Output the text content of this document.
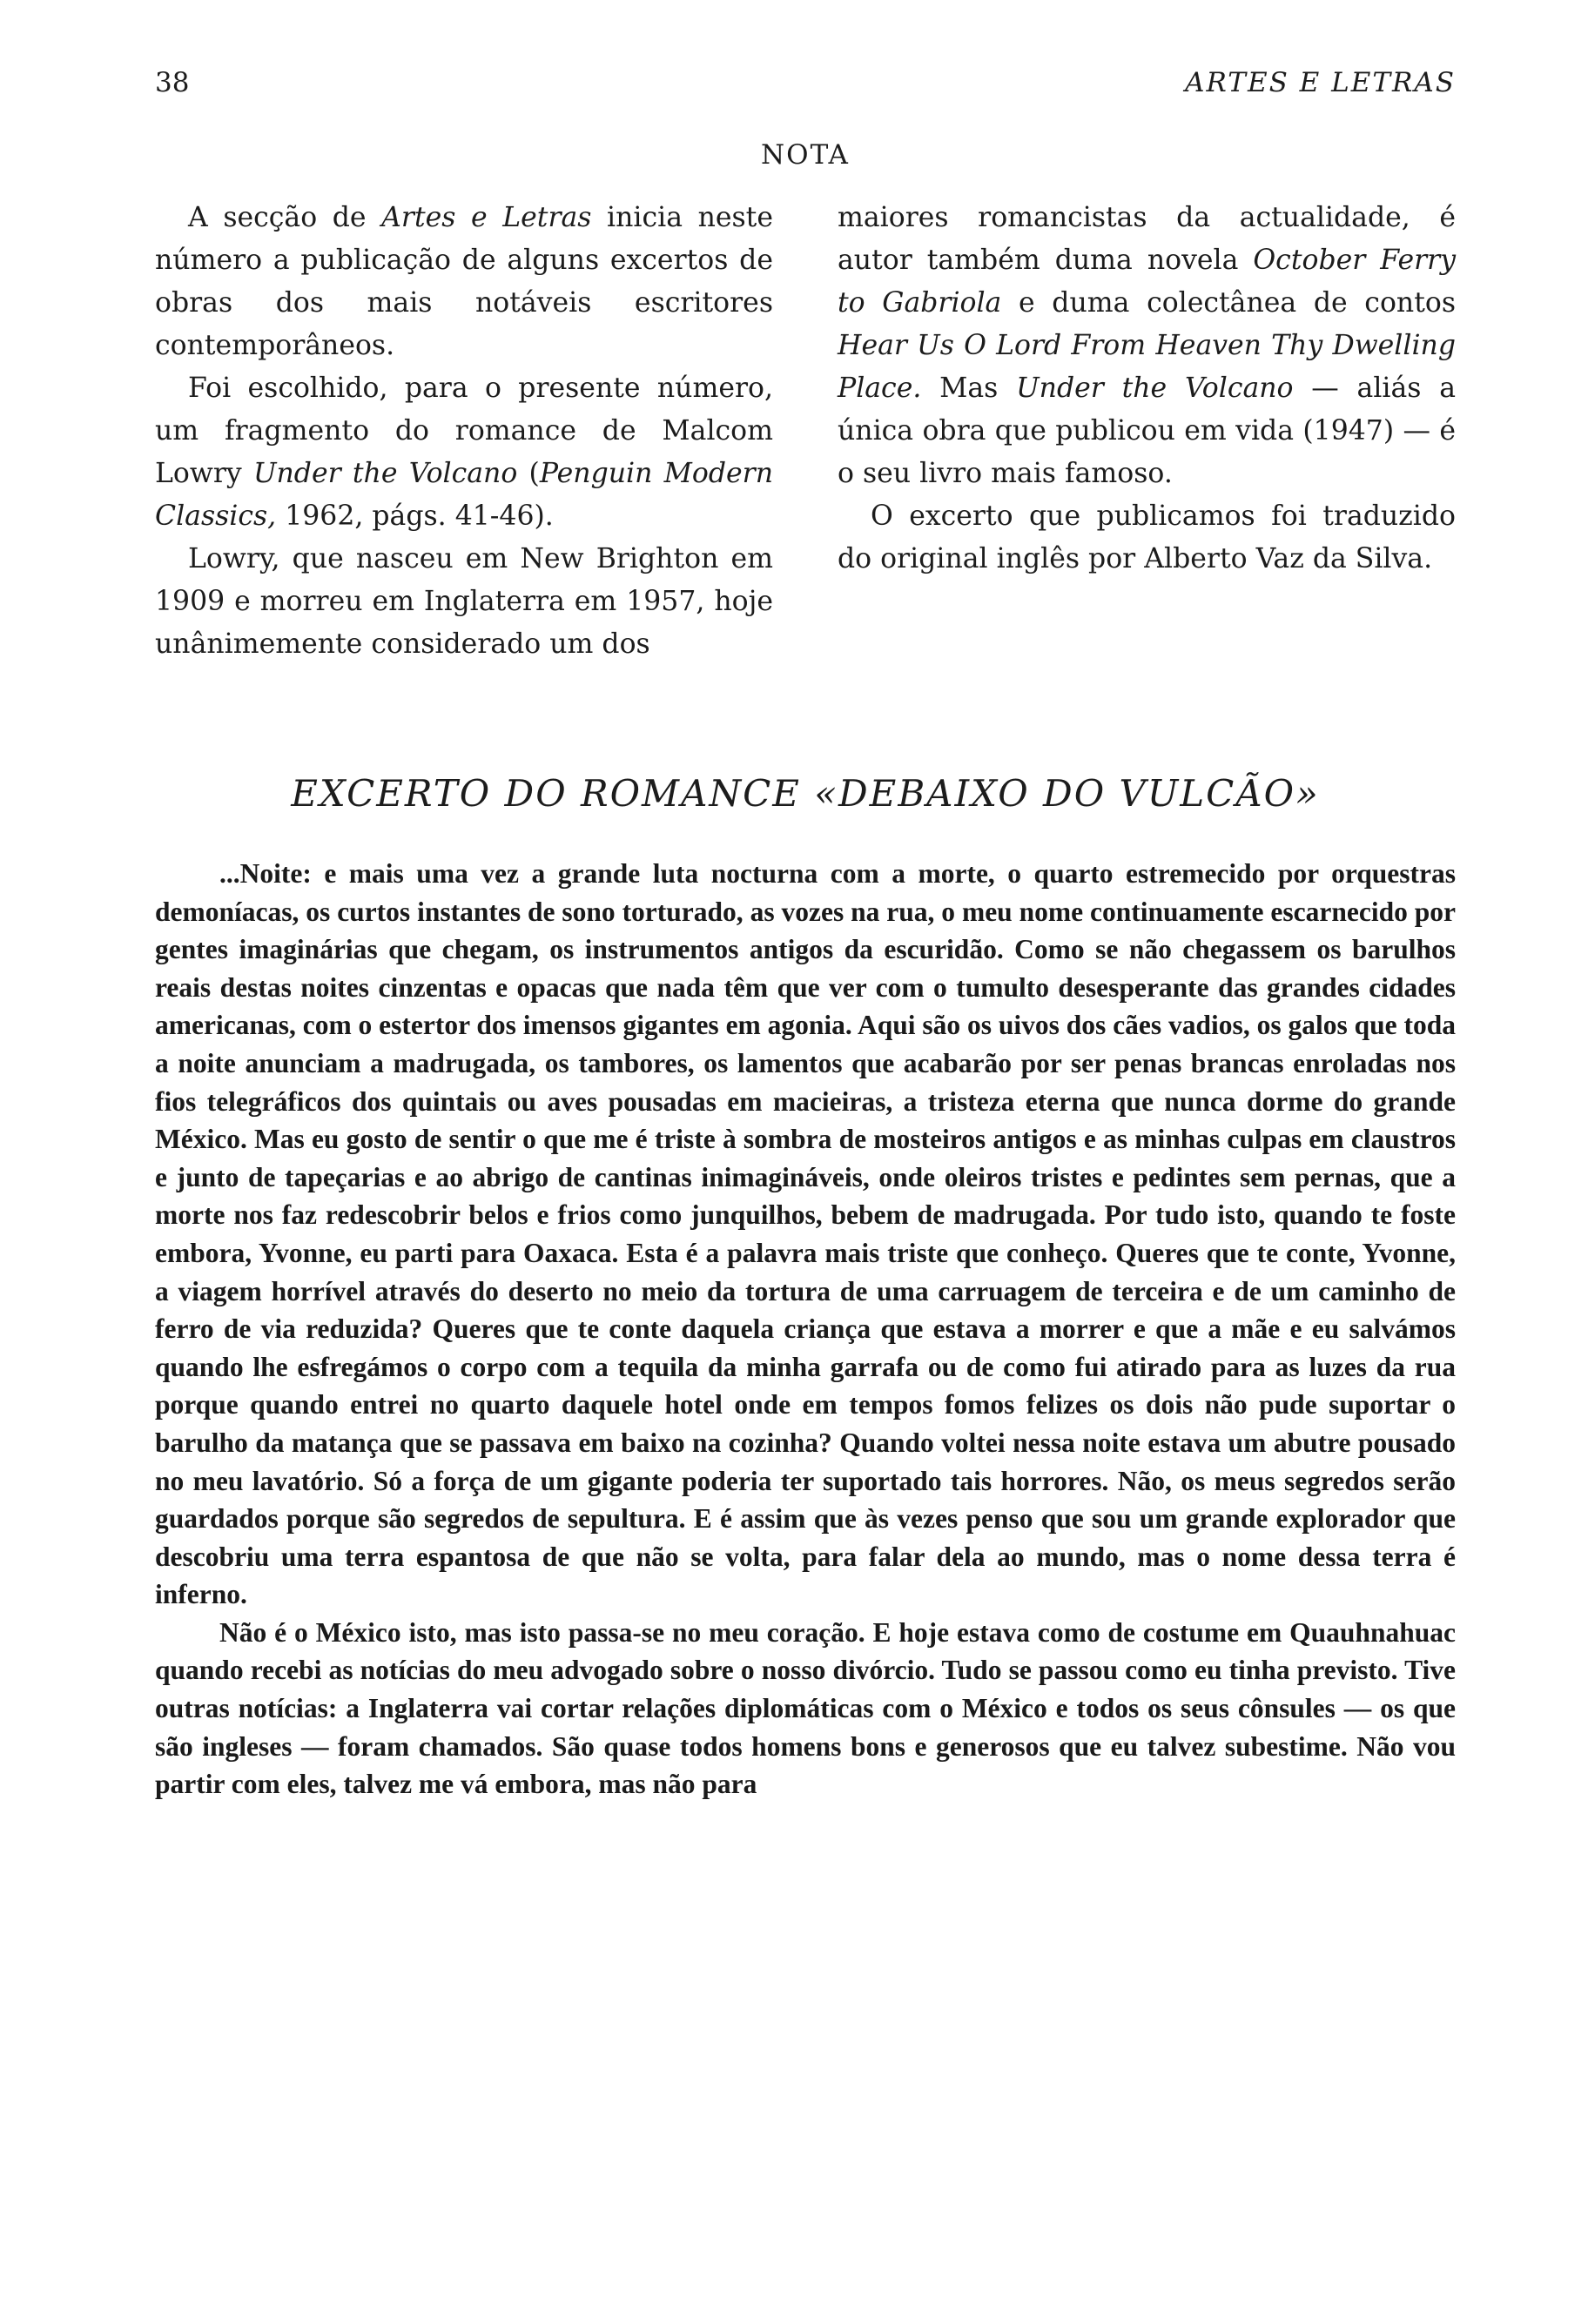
38	ARTES E LETRAS
NOTA

A secção de Artes e Letras inicia neste número a publicação de alguns excertos de obras dos mais notáveis escritores contemporâneos.

Foi escolhido, para o presente número, um fragmento do romance de Malcom Lowry Under the Volcano (Penguin Modern Classics, 1962, págs. 41-46).

Lowry, que nasceu em New Brighton em 1909 e morreu em Inglaterra em 1957, hoje unânimemente considerado um dos

maiores romancistas da actualidade, é autor também duma novela October Ferry to Gabriola e duma colectânea de contos Hear Us O Lord From Heaven Thy Dwelling Place. Mas Under the Volcano — aliás a única obra que publicou em vida (1947) — é o seu livro mais famoso.

O excerto que publicamos foi traduzido do original inglês por Alberto Vaz da Silva.

EXCERTO DO ROMANCE «DEBAIXO DO VULCÃO»

...Noite: e mais uma vez a grande luta nocturna com a morte, o quarto estremecido por orquestras demoníacas, os curtos instantes de sono torturado, as vozes na rua, o meu nome continuamente escarnecido por gentes imaginárias que chegam, os instrumentos antigos da escuridão. Como se não chegassem os barulhos reais destas noites cinzentas e opacas que nada têm que ver com o tumulto desesperante das grandes cidades americanas, com o estertor dos imensos gigantes em agonia. Aqui são os uivos dos cães vadios, os galos que toda a noite anunciam a madrugada, os tambores, os lamentos que acabarão por ser penas brancas enroladas nos fios telegráficos dos quintais ou aves pousadas em macieiras, a tristeza eterna que nunca dorme do grande México. Mas eu gosto de sentir o que me é triste à sombra de mosteiros antigos e as minhas culpas em claustros e junto de tapeçarias e ao abrigo de cantinas inimagináveis, onde oleiros tristes e pedintes sem pernas, que a morte nos faz redescobrir belos e frios como junquilhos, bebem de madrugada. Por tudo isto, quando te foste embora, Yvonne, eu parti para Oaxaca. Esta é a palavra mais triste que conheço. Queres que te conte, Yvonne, a viagem horrível através do deserto no meio da tortura de uma carruagem de terceira e de um caminho de ferro de via reduzida? Queres que te conte daquela criança que estava a morrer e que a mãe e eu salvámos quando lhe esfregámos o corpo com a tequila da minha garrafa ou de como fui atirado para as luzes da rua porque quando entrei no quarto daquele hotel onde em tempos fomos felizes os dois não pude suportar o barulho da matança que se passava em baixo na cozinha? Quando voltei nessa noite estava um abutre pousado no meu lavatório. Só a força de um gigante poderia ter suportado tais horrores. Não, os meus segredos serão guardados porque são segredos de sepultura. E é assim que às vezes penso que sou um grande explorador que descobriu uma terra espantosa de que não se volta, para falar dela ao mundo, mas o nome dessa terra é inferno.

Não é o México isto, mas isto passa-se no meu coração. E hoje estava como de costume em Quauhnahuac quando recebi as notícias do meu advogado sobre o nosso divórcio. Tudo se passou como eu tinha previsto. Tive outras notícias: a Inglaterra vai cortar relações diplomáticas com o México e todos os seus cônsules — os que são ingleses — foram chamados. São quase todos homens bons e generosos que eu talvez subestime. Não vou partir com eles, talvez me vá embora, mas não para
